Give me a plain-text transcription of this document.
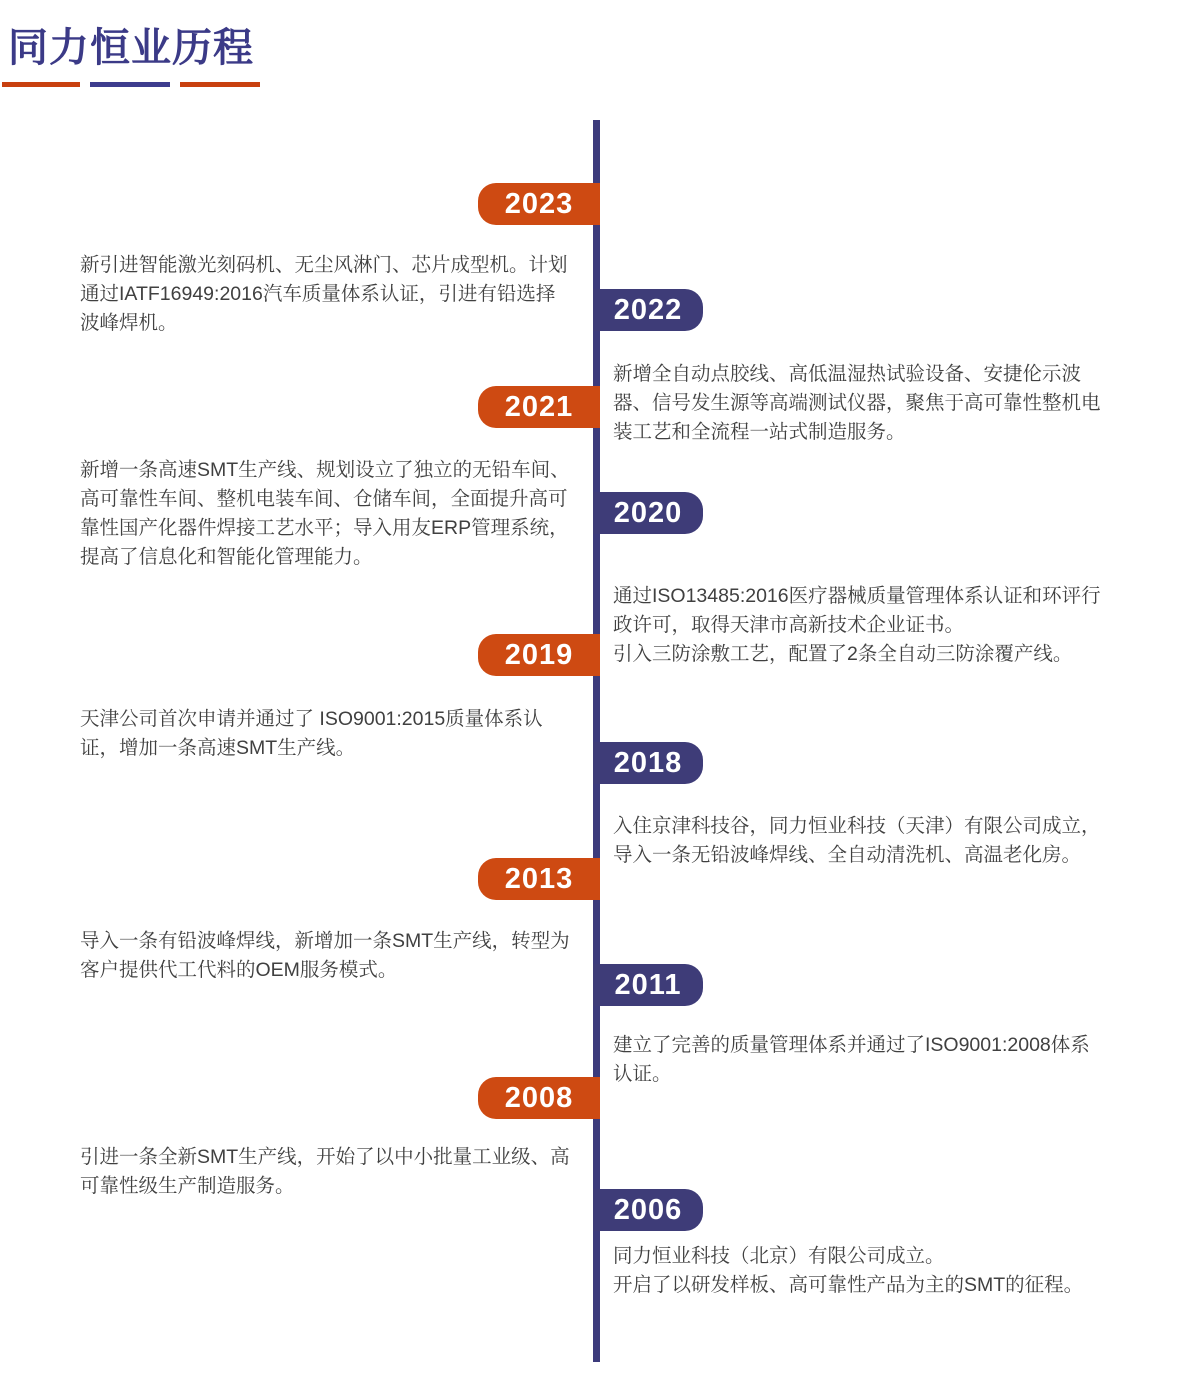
同力恒业历程
2023

新引进智能激光刻码机、无尘风淋门、芯片成型机。计划通过IATF16949:2016汽车质量体系认证，引进有铅选择波峰焊机。	2022

新增全自动点胶线、高低温湿热试验设备、安捷伦示波器、信号发生源等高端测试仪器，聚焦于高可靠性整机电装工艺和全流程一站式制造服务。

2021

新增一条高速SMT生产线、规划设立了独立的无铅车间、高可靠性车间、整机电装车间、仓储车间，全面提升高可靠性国产化器件焊接工艺水平；导入用友ERP管理系统，提高了信息化和智能化管理能力。

2020

通过ISO13485:2016医疗器械质量管理体系认证和环评行政许可，取得天津市高新技术企业证书。

引入三防涂敷工艺，配置了2条全自动三防涂覆产线。

2019

天津公司首次申请并通过了 ISO9001:2015质量体系认证，增加一条高速SMT生产线。	2018

入住京津科技谷，同力恒业科技（天津）有限公司成立，导入一条无铅波峰焊线、全自动清洗机、高温老化房。

2013

导入一条有铅波峰焊线，新增加一条SMT生产线，转型为客户提供代工代料的OEM服务模式。	2011

建立了完善的质量管理体系并通过了ISO9001:2008体系认证。

2008

引进一条全新SMT生产线，开始了以中小批量工业级、高可靠性级生产制造服务。

2006

同力恒业科技（北京）有限公司成立。

开启了以研发样板、高可靠性产品为主的SMT的征程。
